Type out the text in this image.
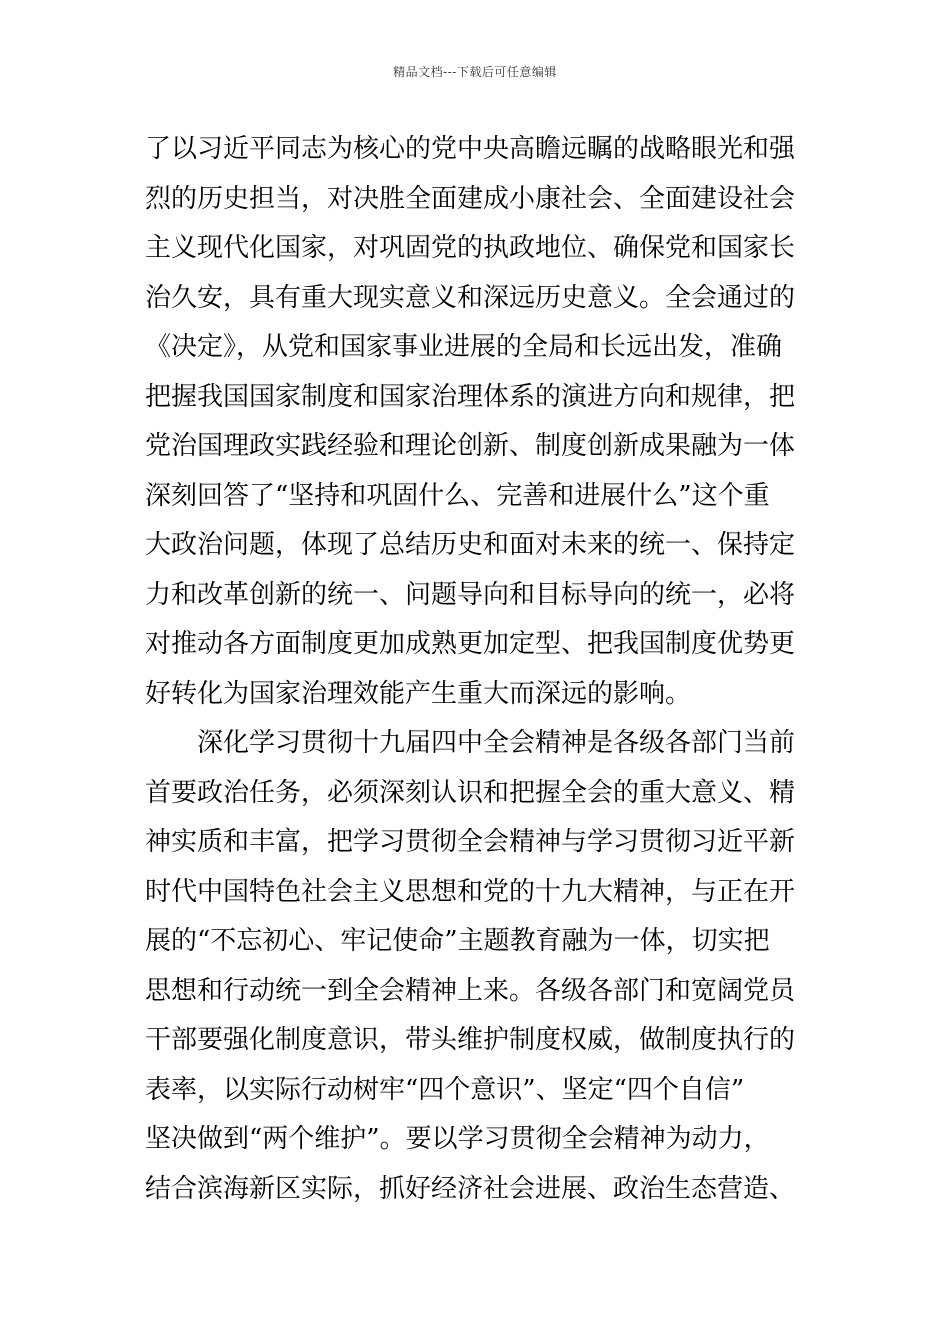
精品文档---下载后可任意编辑
了以习近平同志为核心的党中央高瞻远瞩的战略眼光和强
烈的历史担当，对决胜全面建成小康社会、全面建设社会
主义现代化国家，对巩固党的执政地位、确保党和国家长
治久安，具有重大现实意义和深远历史意义。全会通过的
《决定》，从党和国家事业进展的全局和长远出发，准确
把握我国国家制度和国家治理体系的演进方向和规律，把
党治国理政实践经验和理论创新、制度创新成果融为一体
深刻回答了“坚持和巩固什么、完善和进展什么”这个重
大政治问题，体现了总结历史和面对未来的统一、保持定
力和改革创新的统一、问题导向和目标导向的统一，必将
对推动各方面制度更加成熟更加定型、把我国制度优势更
好转化为国家治理效能产生重大而深远的影响。
深化学习贯彻十九届四中全会精神是各级各部门当前
首要政治任务，必须深刻认识和把握全会的重大意义、精
神实质和丰富，把学习贯彻全会精神与学习贯彻习近平新
时代中国特色社会主义思想和党的十九大精神，与正在开
展的“不忘初心、牢记使命”主题教育融为一体，切实把
思想和行动统一到全会精神上来。各级各部门和宽阔党员
干部要强化制度意识，带头维护制度权威，做制度执行的
表率，以实际行动树牢“四个意识”、坚定“四个自信”
坚决做到“两个维护”。要以学习贯彻全会精神为动力，
结合滨海新区实际，抓好经济社会进展、政治生态营造、
